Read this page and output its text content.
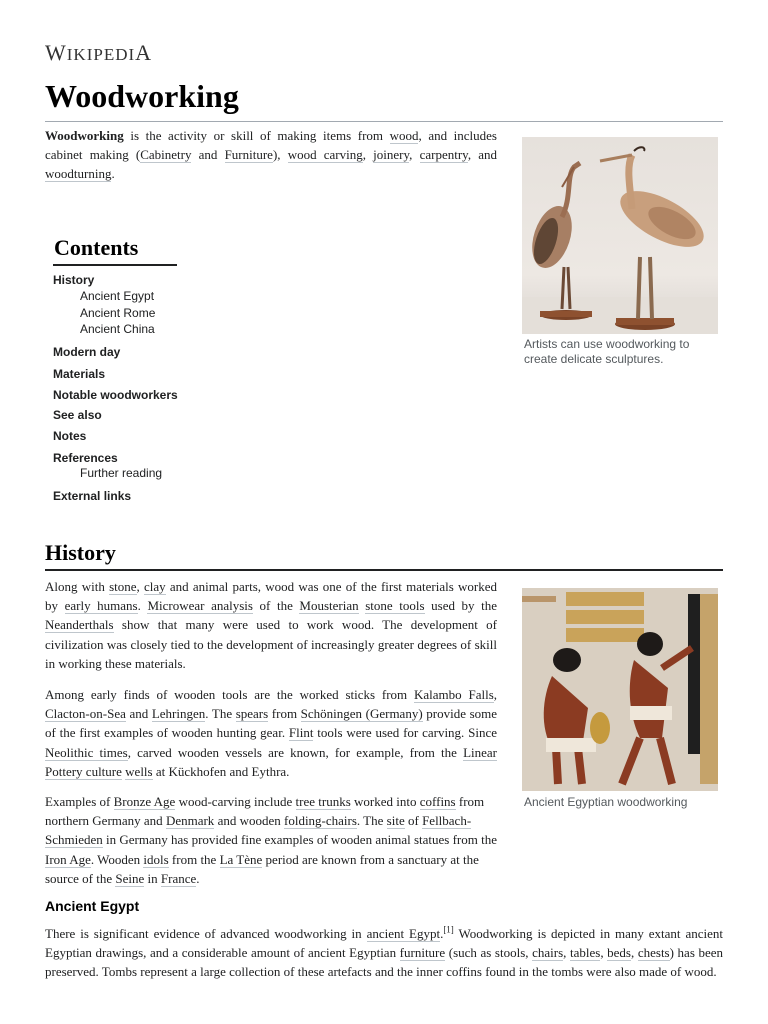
WIKIPEDIA
Woodworking

Woodworking is the activity or skill of making items from wood, and includes cabinet making (Cabinetry and Furniture), wood carving, joinery, carpentry, and woodturning.

Artists can use woodworking to create delicate sculptures.

Contents
History
Ancient Egypt
Ancient Rome
Ancient China
Modern day
Materials
Notable woodworkers
See also
Notes
References
Further reading
External links
History

Along with stone, clay and animal parts, wood was one of the first materials worked by early humans. Microwear analysis of the Mousterian stone tools used by the Neanderthals show that many were used to work wood. The development of civilization was closely tied to the development of increasingly greater degrees of skill in working these materials.

Among early finds of wooden tools are the worked sticks from Kalambo Falls, Clacton-on-Sea and Lehringen. The spears from Schöningen (Germany) provide some of the first examples of wooden hunting gear. Flint tools were used for carving. Since Neolithic times, carved wooden vessels are known, for example, from the Linear Pottery culture wells at Kückhofen and Eythra.

Examples of Bronze Age wood-carving include tree trunks worked into coffins from northern Germany and Denmark and wooden folding-chairs. The site of Fellbach-Schmieden in Germany has provided fine examples of wooden animal statues from the Iron Age. Wooden idols from the La Tène period are known from a sanctuary at the source of the Seine in France.

Ancient Egyptian woodworking

Ancient Egypt

There is significant evidence of advanced woodworking in ancient Egypt.[1] Woodworking is depicted in many extant ancient Egyptian drawings, and a considerable amount of ancient Egyptian furniture (such as stools, chairs, tables, beds, chests) has been preserved. Tombs represent a large collection of these artefacts and the inner coffins found in the tombs were also made of wood.
